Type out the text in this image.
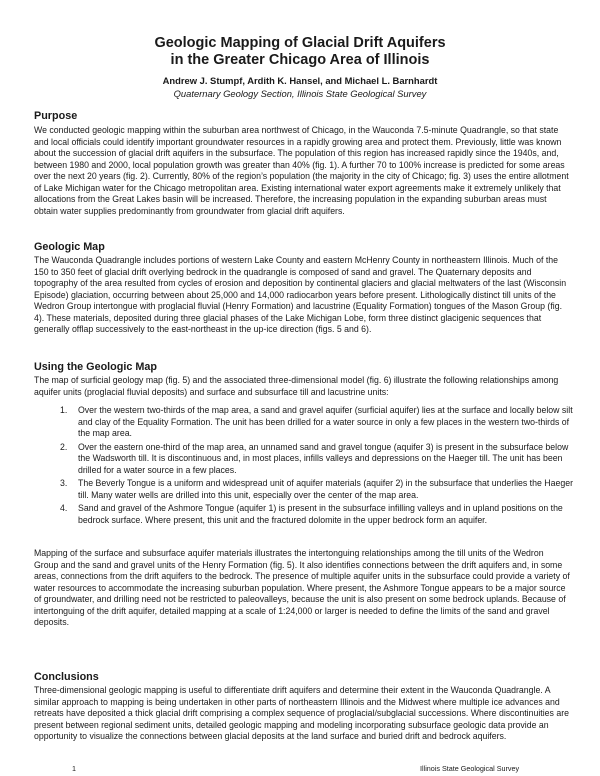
Geologic Mapping of Glacial Drift Aquifers
in the Greater Chicago Area of Illinois
Andrew J. Stumpf, Ardith K. Hansel, and Michael L. Barnhardt
Quaternary Geology Section, Illinois State Geological Survey
Purpose

We conducted geologic mapping within the suburban area northwest of Chicago, in the Wauconda 7.5-minute Quadrangle, so that state and local officials could identify important groundwater resources in a rapidly growing area and protect them. Previously, little was known about the succession of glacial drift aquifers in the subsurface. The population of this region has increased rapidly since the 1940s, and, between 1980 and 2000, local population growth was greater than 40% (fig. 1). A further 70 to 100% increase is predicted for some areas over the next 20 years (fig. 2). Currently, 80% of the region’s population (the majority in the city of Chicago; fig. 3) uses the entire allotment of Lake Michigan water for the Chicago metropolitan area. Existing international water export agreements make it extremely unlikely that allocations from the Great Lakes basin will be increased. Therefore, the increasing population in the expanding suburban areas must obtain water supplies predominantly from groundwater from glacial drift aquifers.

Geologic Map

The Wauconda Quadrangle includes portions of western Lake County and eastern McHenry County in northeastern Illinois. Much of the 150 to 350 feet of glacial drift overlying bedrock in the quadrangle is composed of sand and gravel. The Quaternary deposits and topography of the area resulted from cycles of erosion and deposition by continental glaciers and glacial meltwaters of the last (Wisconsin Episode) glaciation, occurring between about 25,000 and 14,000 radiocarbon years before present. Lithologically distinct till units of the Wedron Group intertongue with proglacial fluvial (Henry Formation) and lacustrine (Equality Formation) tongues of the Mason Group (fig. 4). These materials, deposited during three glacial phases of the Lake Michigan Lobe, form three distinct glacigenic sequences that generally offlap successively to the east-northeast in the up-ice direction (figs. 5 and 6).

Using the Geologic Map

The map of surficial geology map (fig. 5) and the associated three-dimensional model (fig. 6) illustrate the following relationships among aquifer units (proglacial fluvial deposits) and surface and subsurface till and lacustrine units:

1. Over the western two-thirds of the map area, a sand and gravel aquifer (surficial aquifer) lies at the surface and locally below silt and clay of the Equality Formation. The unit has been drilled for a water source in only a few places in the western two-thirds of the map area.
2. Over the eastern one-third of the map area, an unnamed sand and gravel tongue (aquifer 3) is present in the subsurface below the Wadsworth till. It is discontinuous and, in most places, infills valleys and depressions on the Haeger till. The unit has been drilled for a water source in a few places.
3. The Beverly Tongue is a uniform and widespread unit of aquifer materials (aquifer 2) in the subsurface that underlies the Haeger till. Many water wells are drilled into this unit, especially over the center of the map area.
4. Sand and gravel of the Ashmore Tongue (aquifer 1) is present in the subsurface infilling valleys and in upland positions on the bedrock surface. Where present, this unit and the fractured dolomite in the upper bedrock form an aquifer.

Mapping of the surface and subsurface aquifer materials illustrates the intertonguing relationships among the till units of the Wedron Group and the sand and gravel units of the Henry Formation (fig. 5). It also identifies connections between the drift aquifers and, in some areas, connections from the drift aquifers to the bedrock. The presence of multiple aquifer units in the subsurface could provide a variety of water resources to accommodate the increasing suburban population. Where present, the Ashmore Tongue appears to be a major source of groundwater, and drilling need not be restricted to paleovalleys, because the unit is also present on some bedrock uplands. Because of intertonguing of the drift aquifer, detailed mapping at a scale of 1:24,000 or larger is needed to define the limits of the sand and gravel deposits.

Conclusions

Three-dimensional geologic mapping is useful to differentiate drift aquifers and determine their extent in the Wauconda Quadrangle. A similar approach to mapping is being undertaken in other parts of northeastern Illinois and the Midwest where multiple ice advances and retreats have deposited a thick glacial drift comprising a complex sequence of proglacial/subglacial successions. Where discontinuities are present between regional sediment units, detailed geologic mapping and modeling incorporating subsurface geologic data provide an opportunity to visualize the connections between glacial deposits at the land surface and buried drift and bedrock aquifers.

1	Illinois State Geological Survey
